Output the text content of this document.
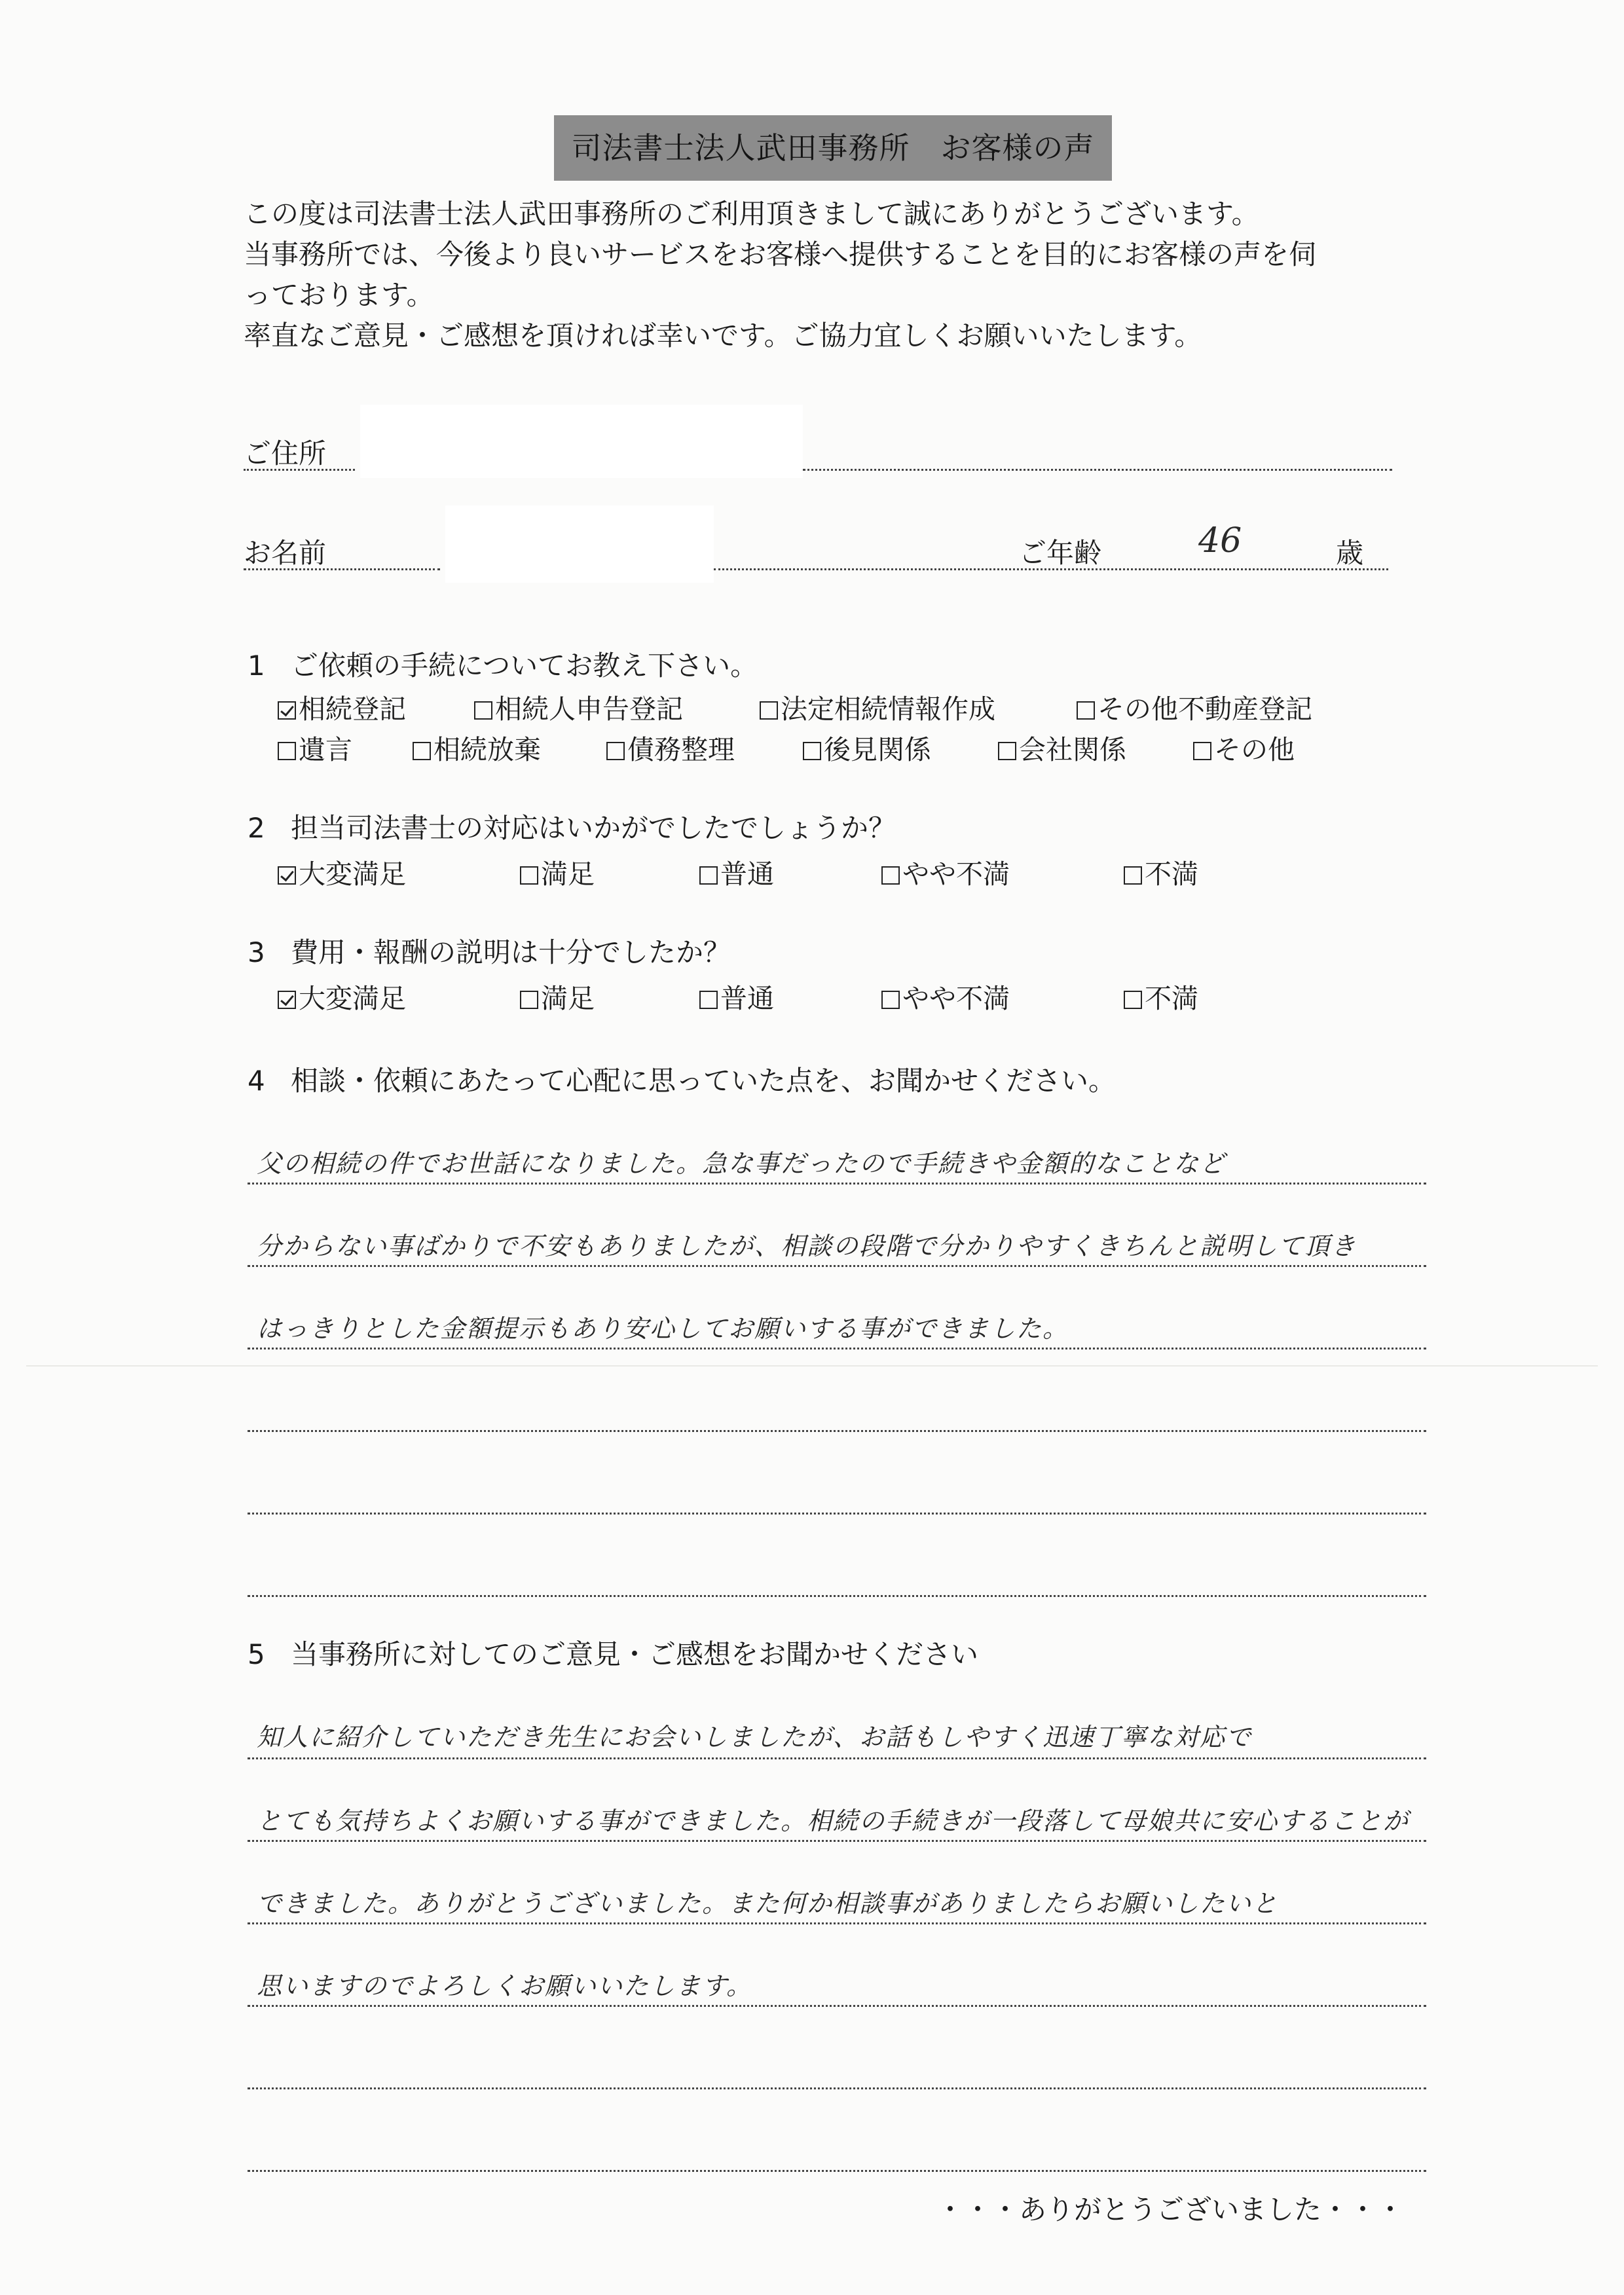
司法書士法人武田事務所　お客様の声
この度は司法書士法人武田事務所のご利用頂きまして誠にありがとうございます。
当事務所では、今後より良いサービスをお客様へ提供することを目的にお客様の声を伺
っております。
率直なご意見・ご感想を頂ければ幸いです。ご協力宜しくお願いいたします。
ご住所
お名前	ご年齢	46	歳
1 ご依頼の手続についてお教え下さい。
相続登記	相続人申告登記	法定相続情報作成	その他不動産登記
遺言	相続放棄	債務整理	後見関係	会社関係	その他
2 担当司法書士の対応はいかがでしたでしょうか？
大変満足	満足	普通	やや不満	不満
3 費用・報酬の説明は十分でしたか？
大変満足	満足	普通	やや不満	不満
4 相談・依頼にあたって心配に思っていた点を、お聞かせください。
父の相続の件でお世話になりました。急な事だったので手続きや金額的なことなど
分からない事ばかりで不安もありましたが、相談の段階で分かりやすくきちんと説明して頂き
はっきりとした金額提示もあり安心してお願いする事ができました。
5 当事務所に対してのご意見・ご感想をお聞かせください
知人に紹介していただき先生にお会いしましたが、お話もしやすく迅速丁寧な対応で
とても気持ちよくお願いする事ができました。相続の手続きが一段落して母娘共に安心することが
できました。ありがとうございました。また何か相談事がありましたらお願いしたいと
思いますのでよろしくお願いいたします。
・・・ありがとうございました・・・
